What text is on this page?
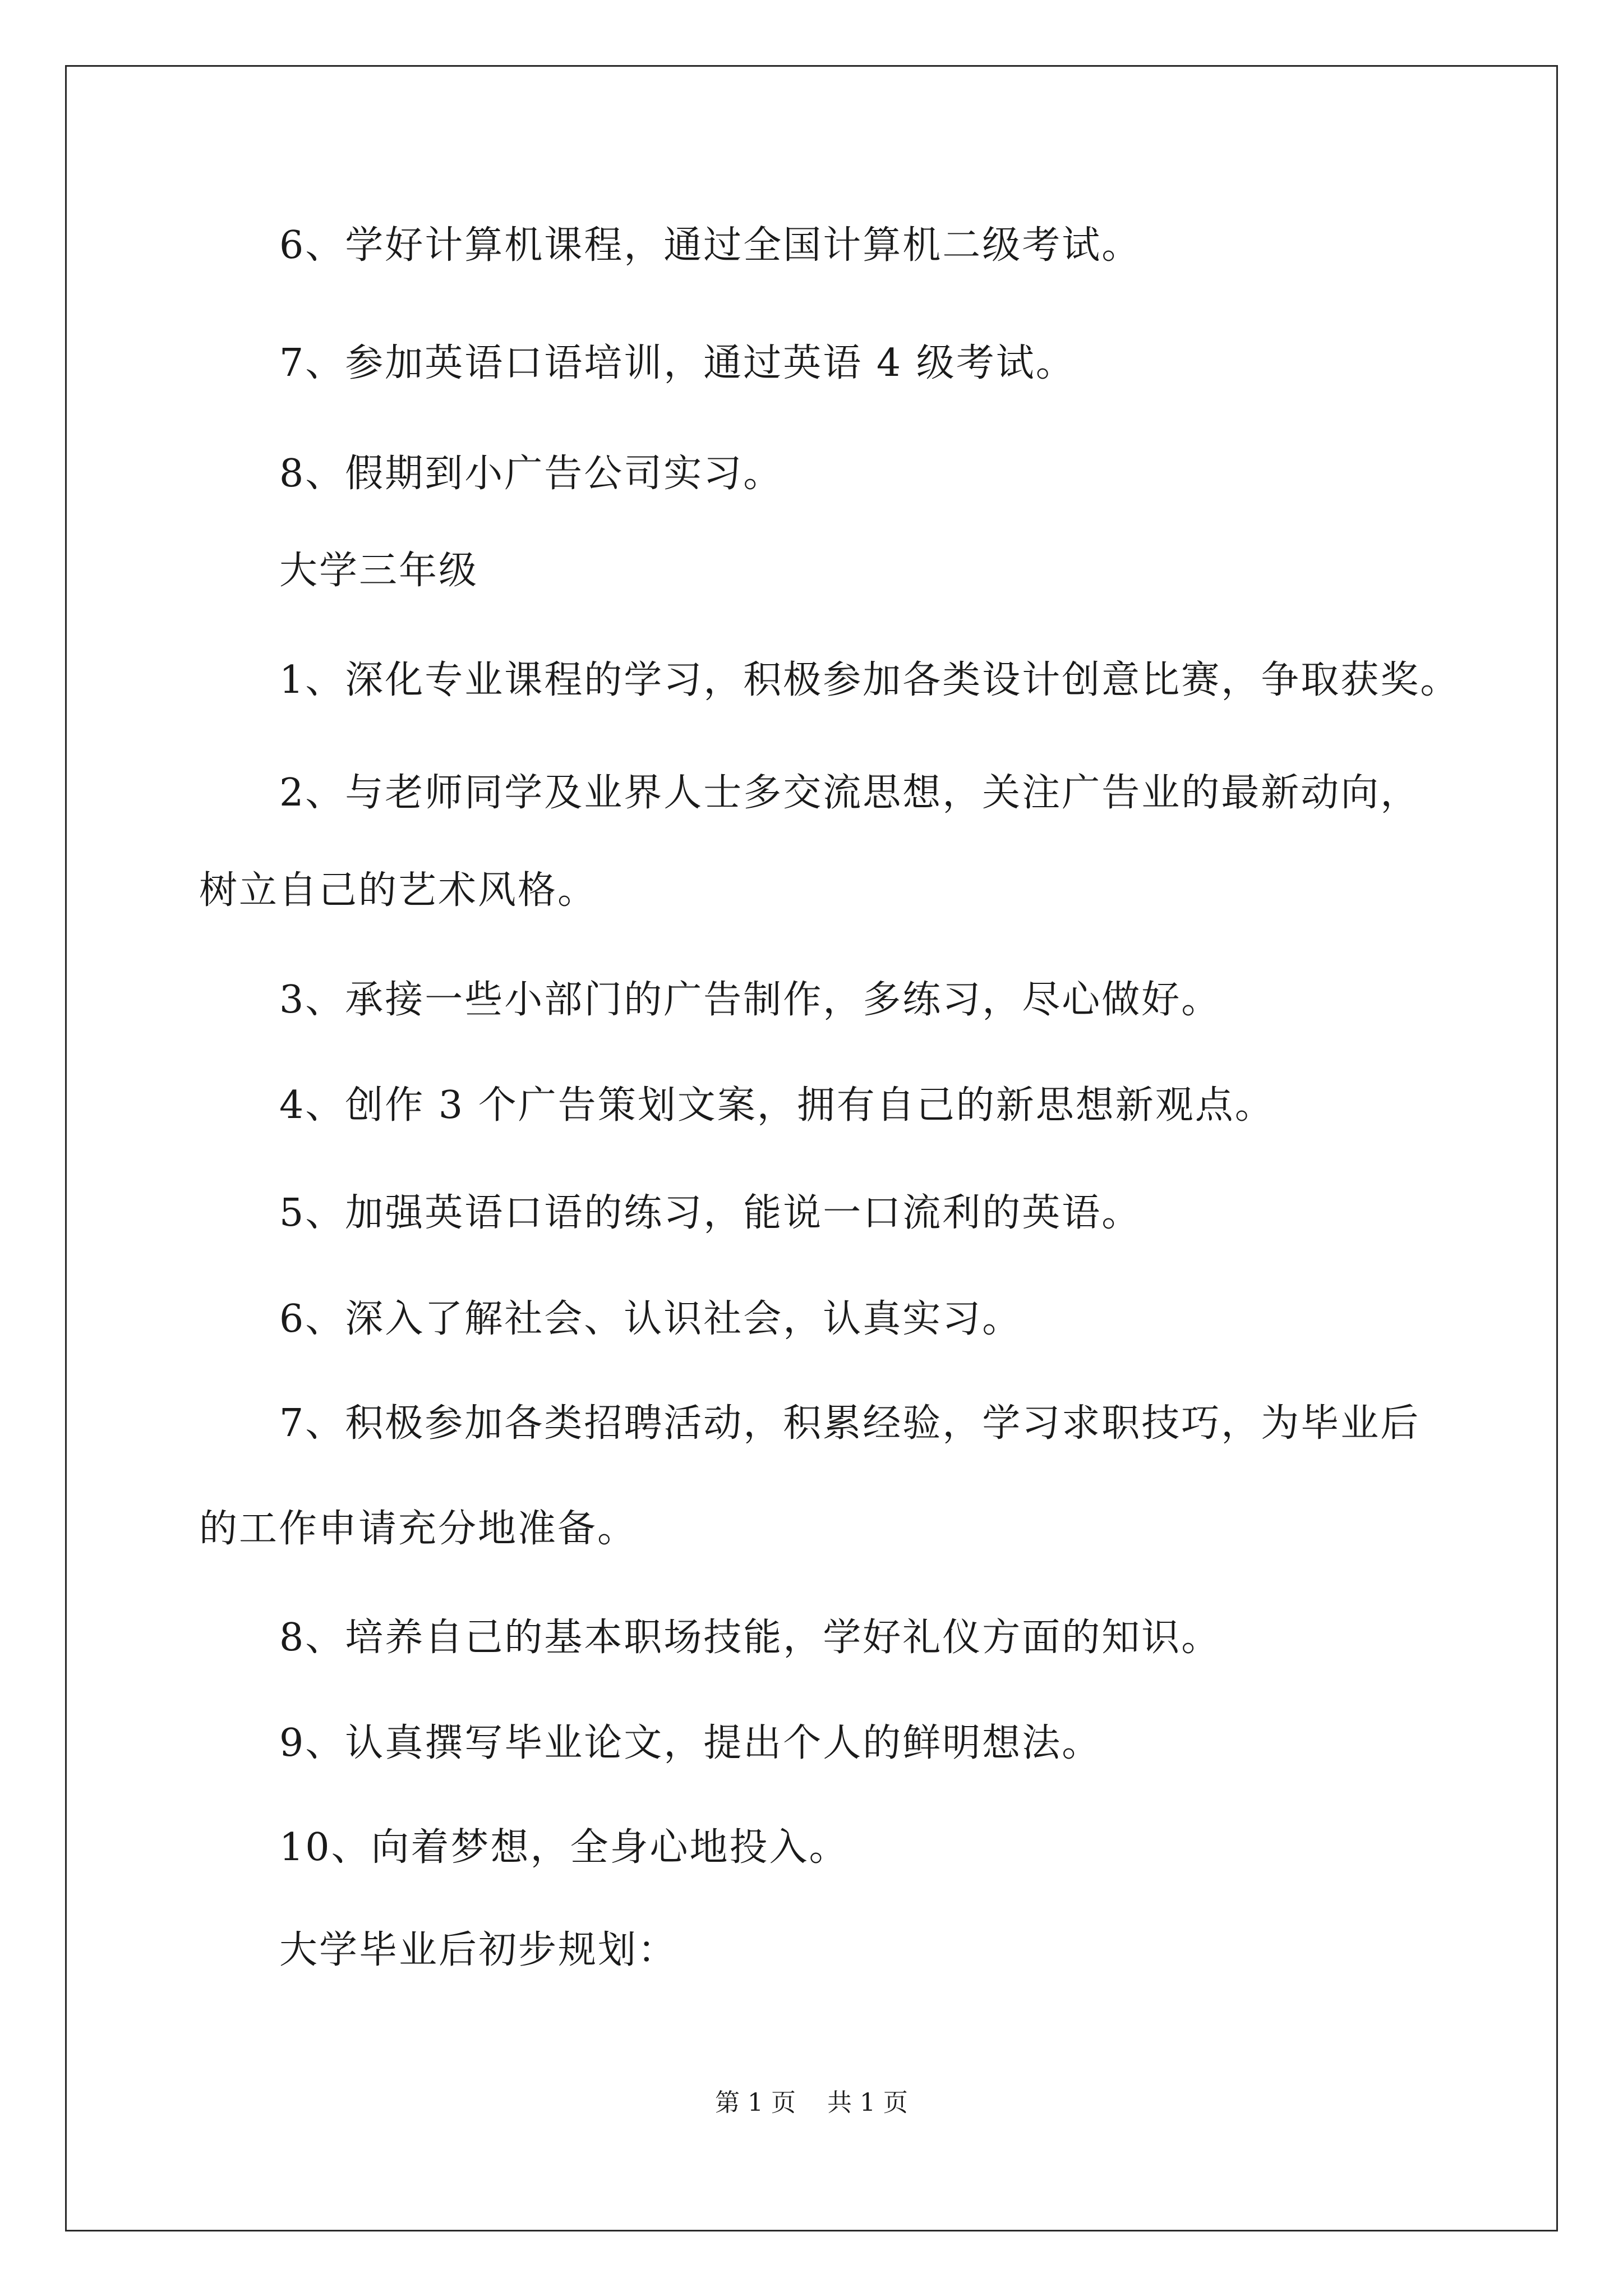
6、学好计算机课程，通过全国计算机二级考试。
7、参加英语口语培训，通过英语 4 级考试。
8、假期到小广告公司实习。
大学三年级
1、深化专业课程的学习，积极参加各类设计创意比赛，争取获奖。
2、与老师同学及业界人士多交流思想，关注广告业的最新动向，
树立自己的艺术风格。
3、承接一些小部门的广告制作，多练习，尽心做好。
4、创作 3 个广告策划文案，拥有自己的新思想新观点。
5、加强英语口语的练习，能说一口流利的英语。
6、深入了解社会、认识社会，认真实习。
7、积极参加各类招聘活动，积累经验，学习求职技巧，为毕业后
的工作申请充分地准备。
8、培养自己的基本职场技能，学好礼仪方面的知识。
9、认真撰写毕业论文，提出个人的鲜明想法。
10、向着梦想，全身心地投入。
大学毕业后初步规划：
第 1 页    共 1 页
